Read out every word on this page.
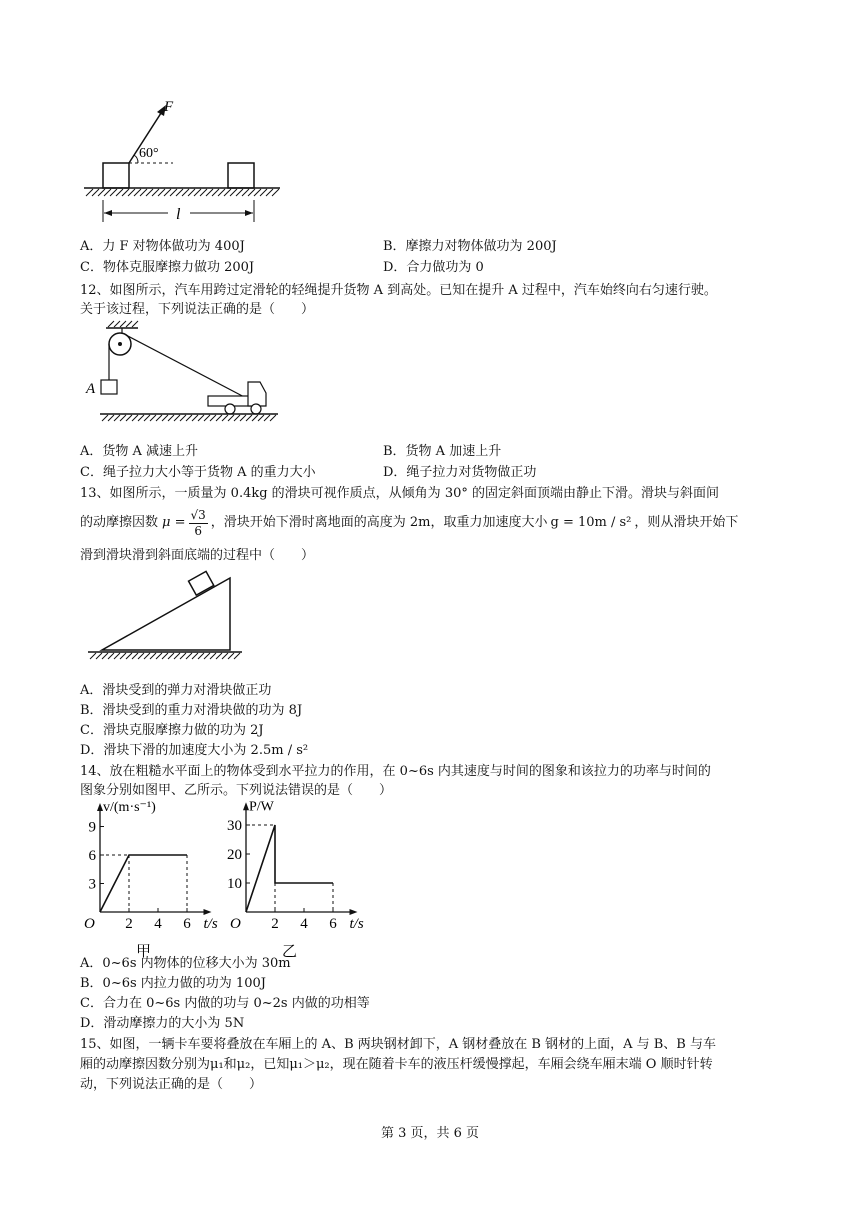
F
60°
l
A．力 F 对物体做功为 400J	B．摩擦力对物体做功为 200J
C．物体克服摩擦力做功 200J	D．合力做功为 0
12、如图所示，汽车用跨过定滑轮的轻绳提升货物 A 到高处。已知在提升 A 过程中，汽车始终向右匀速行驶。
关于该过程，下列说法正确的是（　　）
A
A．货物 A 减速上升	B．货物 A 加速上升
C．绳子拉力大小等于货物 A 的重力大小	D．绳子拉力对货物做正功
13、如图所示，一质量为 0.4kg 的滑块可视作质点，从倾角为 30° 的固定斜面顶端由静止下滑。滑块与斜面间
的动摩擦因数 $\mu = \frac{√3}{6}$ ，滑块开始下滑时离地面的高度为 2m，取重力加速度大小 g = 10m / s² ，则从滑块开始下
滑到滑块滑到斜面底端的过程中（　　）
A．滑块受到的弹力对滑块做正功
B．滑块受到的重力对滑块做的功为 8J
C．滑块克服摩擦力做的功为 2J
D．滑块下滑的加速度大小为 2.5m / s²
14、放在粗糙水平面上的物体受到水平拉力的作用，在 0~6s 内其速度与时间的图象和该拉力的功率与时间的
图象分别如图甲、乙所示。下列说法错误的是（　　）
2 4 6
3
6
9
O	t/s
v/(m·s⁻¹)
甲
2 4 6
10
20
30
O	t/s
P/W
乙
A．0~6s 内物体的位移大小为 30m
B．0~6s 内拉力做的功为 100J
C．合力在 0~6s 内做的功与 0~2s 内做的功相等
D．滑动摩擦力的大小为 5N
15、如图，一辆卡车要将叠放在车厢上的 A、B 两块钢材卸下，A 钢材叠放在 B 钢材的上面，A 与 B、B 与车
厢的动摩擦因数分别为μ₁和μ₂，已知μ₁＞μ₂，现在随着卡车的液压杆缓慢撑起，车厢会绕车厢末端 O 顺时针转
动，下列说法正确的是（　　）
第 3 页，共 6 页
